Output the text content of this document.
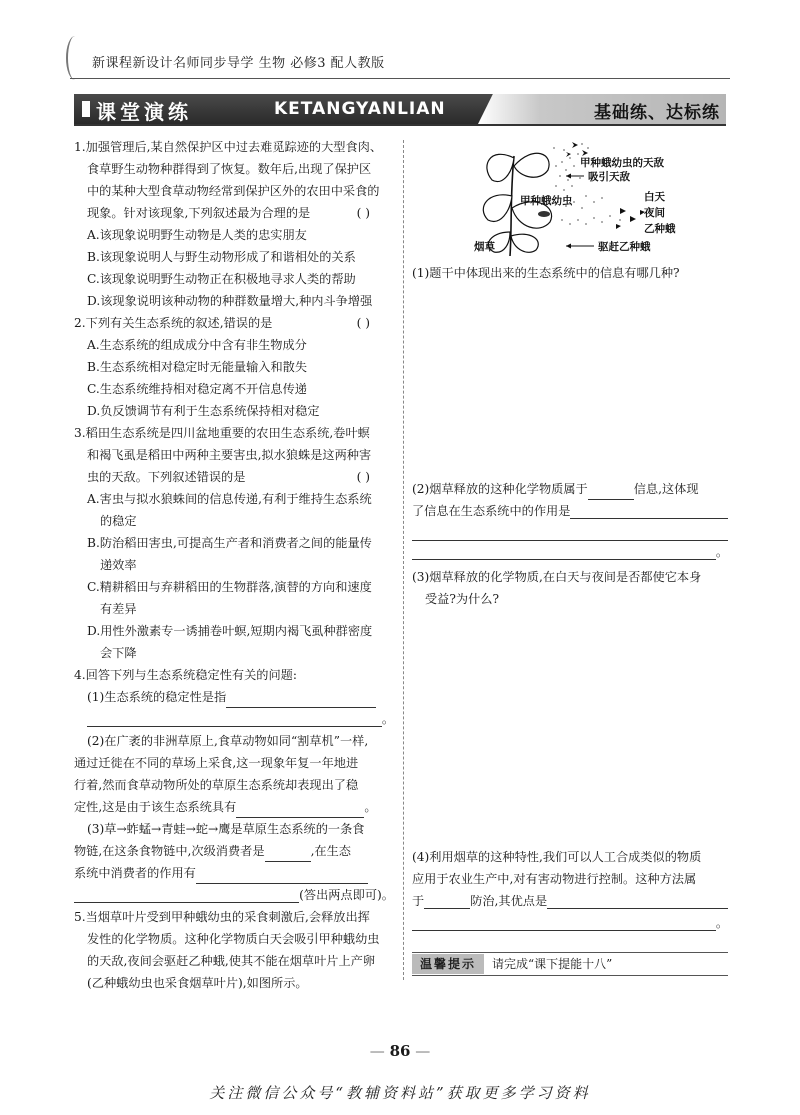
新课程新设计名师同步导学 生物 必修3 配人教版
课堂演练	KETANGYANLIAN	基础练、达标练

1.加强管理后,某自然保护区中过去难觅踪迹的大型食肉、

食草野生动物种群得到了恢复。数年后,出现了保护区

中的某种大型食草动物经常到保护区外的农田中采食的

现象。针对该现象,下列叙述最为合理的是	( )

A.该现象说明野生动物是人类的忠实朋友

B.该现象说明人与野生动物形成了和谐相处的关系

C.该现象说明野生动物正在积极地寻求人类的帮助

D.该现象说明该种动物的种群数量增大,种内斗争增强

2.下列有关生态系统的叙述,错误的是	( )

A.生态系统的组成成分中含有非生物成分

B.生态系统相对稳定时无能量输入和散失

C.生态系统维持相对稳定离不开信息传递

D.负反馈调节有利于生态系统保持相对稳定

3.稻田生态系统是四川盆地重要的农田生态系统,卷叶螟

和褐飞虱是稻田中两种主要害虫,拟水狼蛛是这两种害

虫的天敌。下列叙述错误的是	( )

A.害虫与拟水狼蛛间的信息传递,有利于维持生态系统

的稳定

B.防治稻田害虫,可提高生产者和消费者之间的能量传

递效率

C.精耕稻田与弃耕稻田的生物群落,演替的方向和速度

有差异

D.用性外激素专一诱捕卷叶螟,短期内褐飞虱种群密度

会下降

4.回答下列与生态系统稳定性有关的问题:

(1)生态系统的稳定性是指

。

(2)在广袤的非洲草原上,食草动物如同“割草机”一样,

通过迁徙在不同的草场上采食,这一现象年复一年地进

行着,然而食草动物所处的草原生态系统却表现出了稳

定性,这是由于该生态系统具有	。

(3)草→蚱蜢→青蛙→蛇→鹰是草原生态系统的一条食

物链,在这条食物链中,次级消费者是	,在生态

系统中消费者的作用有

(答出两点即可)。

5.当烟草叶片受到甲种蛾幼虫的采食刺激后,会释放出挥

发性的化学物质。这种化学物质白天会吸引甲种蛾幼虫

的天敌,夜间会驱赶乙种蛾,使其不能在烟草叶片上产卵

(乙种蛾幼虫也采食烟草叶片),如图所示。

甲种蛾幼虫的天敌
吸引天敌
甲种蛾幼虫	白天
夜间
乙种蛾
烟草	驱赶乙种蛾

(1)题干中体现出来的生态系统中的信息有哪几种?

(2)烟草释放的这种化学物质属于	信息,这体现

了信息在生态系统中的作用是

。

(3)烟草释放的化学物质,在白天与夜间是否都使它本身

受益?为什么?

(4)利用烟草的这种特性,我们可以人工合成类似的物质

应用于农业生产中,对有害动物进行控制。这种方法属

于	防治,其优点是

。

温馨提示	请完成“课下提能十八”
— 86 —
关注微信公众号“教辅资料站”获取更多学习资料
